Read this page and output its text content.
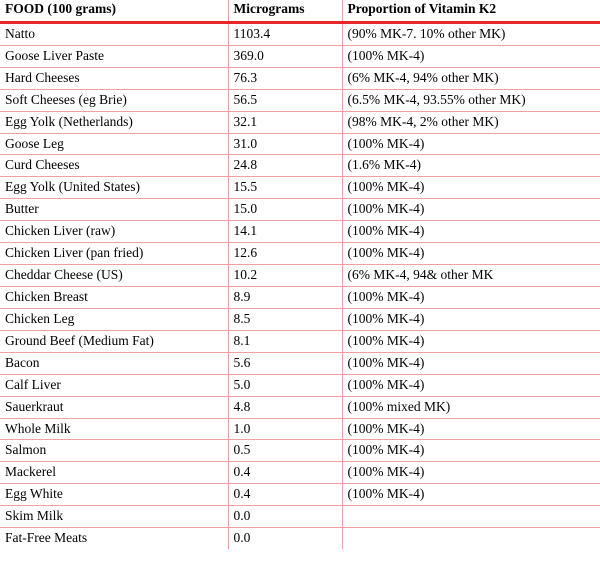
FOOD (100 grams)	Micrograms	Proportion of Vitamin K2
Natto	1103.4	(90% MK-7. 10% other MK)
Goose Liver Paste	369.0	(100% MK-4)
Hard Cheeses	76.3	(6% MK-4, 94% other MK)
Soft Cheeses (eg Brie)	56.5	(6.5% MK-4, 93.55% other MK)
Egg Yolk (Netherlands)	32.1	(98% MK-4, 2% other MK)
Goose Leg	31.0	(100% MK-4)
Curd Cheeses	24.8	(1.6% MK-4)
Egg Yolk (United States)	15.5	(100% MK-4)
Butter	15.0	(100% MK-4)
Chicken Liver (raw)	14.1	(100% MK-4)
Chicken Liver (pan fried)	12.6	(100% MK-4)
Cheddar Cheese (US)	10.2	(6% MK-4, 94& other MK
Chicken Breast	8.9	(100% MK-4)
Chicken Leg	8.5	(100% MK-4)
Ground Beef (Medium Fat)	8.1	(100% MK-4)
Bacon	5.6	(100% MK-4)
Calf Liver	5.0	(100% MK-4)
Sauerkraut	4.8	(100% mixed MK)
Whole Milk	1.0	(100% MK-4)
Salmon	0.5	(100% MK-4)
Mackerel	0.4	(100% MK-4)
Egg White	0.4	(100% MK-4)
Skim Milk	0.0	
Fat-Free Meats	0.0	
